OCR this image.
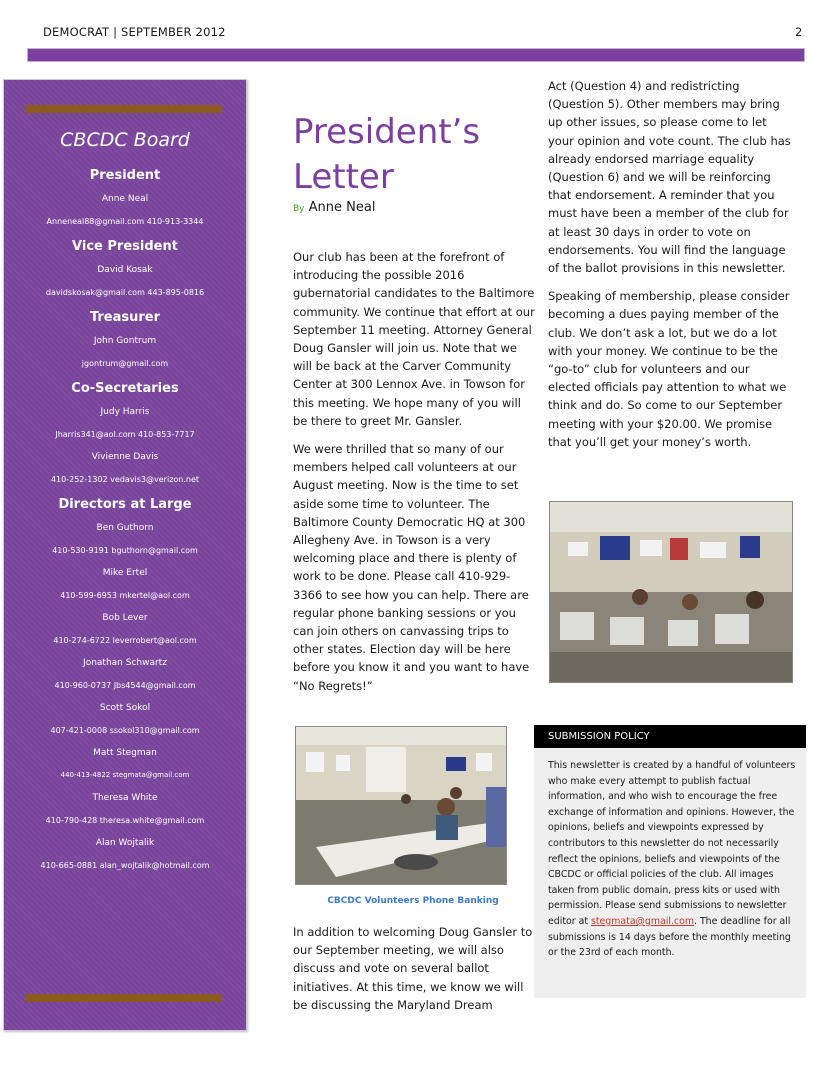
DEMOCRAT | SEPTEMBER 2012	2
CBCDC Board
President
Anne Neal
Anneneal88@gmail.com 410-913-3344
Vice President
David Kosak
davidskosak@gmail.com 443-895-0816
Treasurer
John Gontrum
jgontrum@gmail.com
Co-Secretaries
Judy Harris
Jharris341@aol.com 410-853-7717
Vivienne Davis
410-252-1302 vedavis3@verizon.net
Directors at Large
Ben Guthorn
410-530-9191 bguthorn@gmail.com
Mike Ertel
410-599-6953 mkertel@aol.com
Bob Lever
410-274-6722 leverrobert@aol.com
Jonathan Schwartz
410-960-0737 Jbs4544@gmail.com
Scott Sokol
407-421-0008 ssokol310@gmail.com
Matt Stegman
440-413-4822 stegmata@gmail.com
Theresa White
410-790-428 theresa.white@gmail.com
Alan Wojtalik
410-665-0881 alan_wojtalik@hotmail.com
President’s
Letter
By Anne Neal

Our club has been at the forefront of introducing the possible 2016 gubernatorial candidates to the Baltimore community. We continue that effort at our September 11 meeting. Attorney General Doug Gansler will join us. Note that we will be back at the Carver Community Center at 300 Lennox Ave. in Towson for this meeting. We hope many of you will be there to greet Mr. Gansler.

We were thrilled that so many of our members helped call volunteers at our August meeting. Now is the time to set aside some time to volunteer. The Baltimore County Democratic HQ at 300 Allegheny Ave. in Towson is a very welcoming place and there is plenty of work to be done. Please call 410-929-3366 to see how you can help. There are regular phone banking sessions or you can join others on canvassing trips to other states. Election day will be here before you know it and you want to have “No Regrets!”

CBCDC Volunteers Phone Banking

In addition to welcoming Doug Gansler to our September meeting, we will also discuss and vote on several ballot initiatives. At this time, we know we will be discussing the Maryland Dream

Act (Question 4) and redistricting (Question 5). Other members may bring up other issues, so please come to let your opinion and vote count. The club has already endorsed marriage equality (Question 6) and we will be reinforcing that endorsement. A reminder that you must have been a member of the club for at least 30 days in order to vote on endorsements. You will find the language of the ballot provisions in this newsletter.

Speaking of membership, please consider becoming a dues paying member of the club. We don’t ask a lot, but we do a lot with your money. We continue to be the “go-to” club for volunteers and our elected officials pay attention to what we think and do. So come to our September meeting with your $20.00. We promise that you’ll get your money’s worth.

SUBMISSION POLICY
This newsletter is created by a handful of volunteers who make every attempt to publish factual information, and who wish to encourage the free exchange of information and opinions. However, the opinions, beliefs and viewpoints expressed by contributors to this newsletter do not necessarily reflect the opinions, beliefs and viewpoints of the CBCDC or official policies of the club. All images taken from public domain, press kits or used with permission. Please send submissions to newsletter editor at stegmata@gmail.com. The deadline for all submissions is 14 days before the monthly meeting or the 23rd of each month.
